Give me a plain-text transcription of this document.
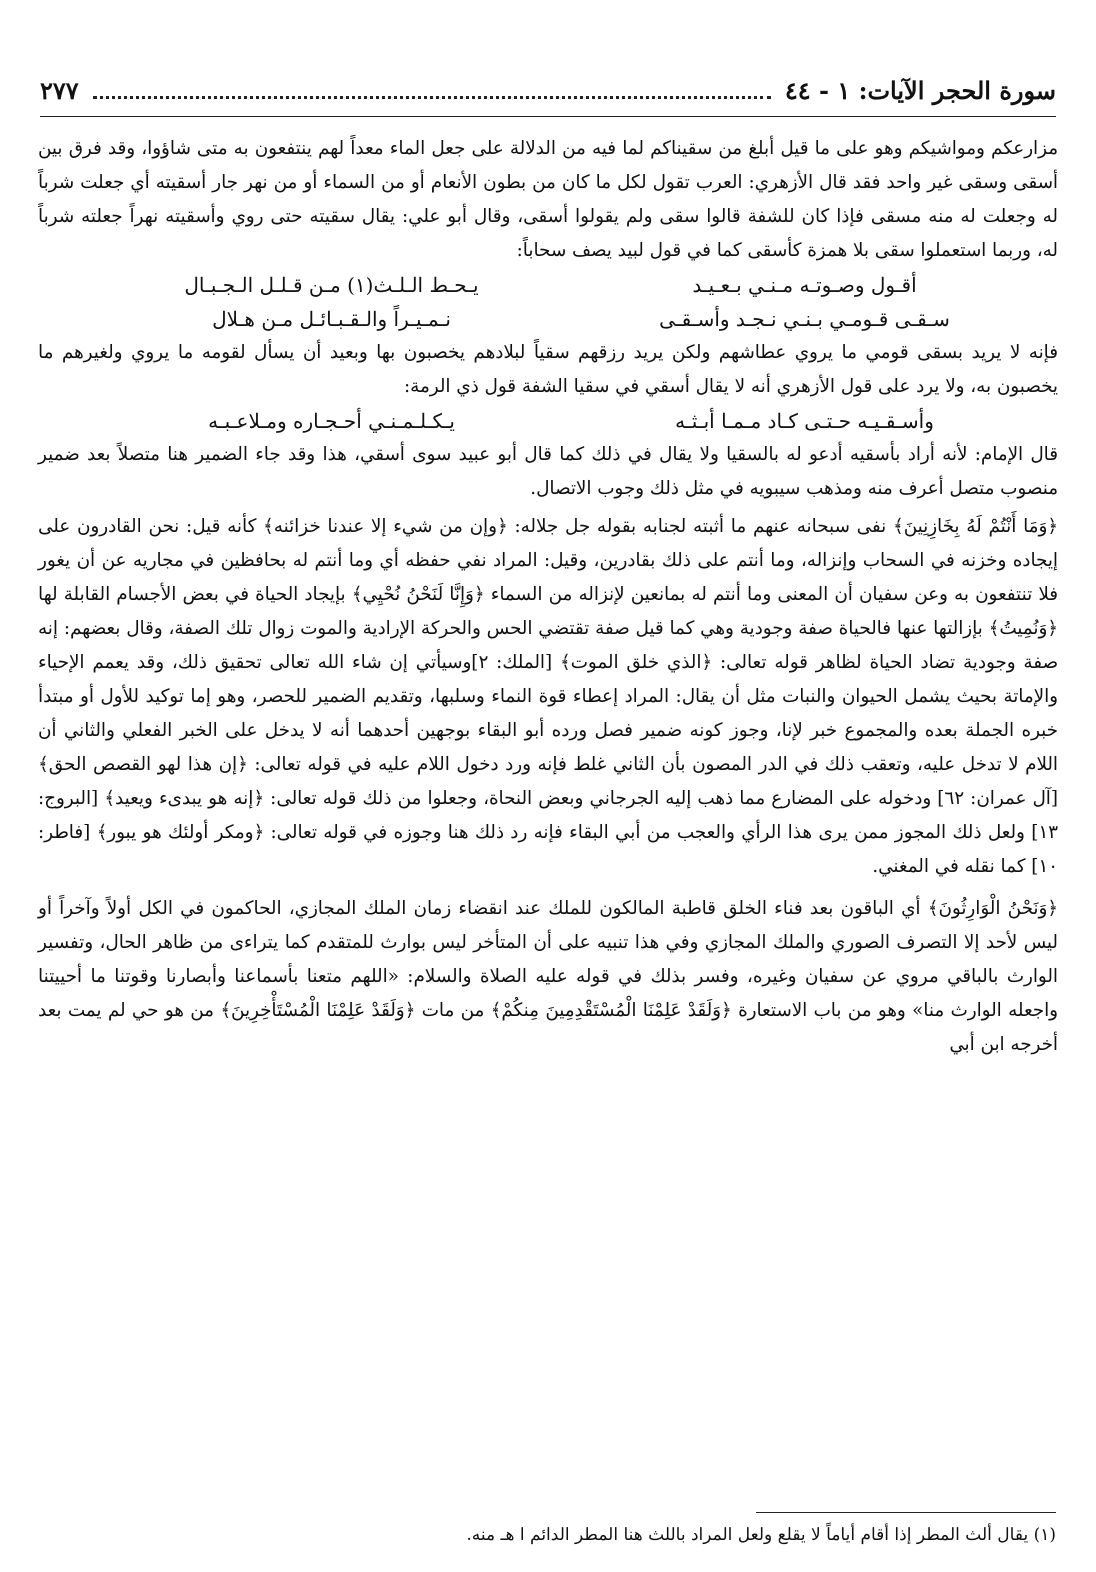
سورة الحجر الآيات: ١ - ٤٤
٢٧٧

مزارعكم ومواشيكم وهو على ما قيل أبلغ من سقيناكم لما فيه من الدلالة على جعل الماء معداً لهم ينتفعون به متى شاؤوا، وقد فرق بين أسقى وسقى غير واحد فقد قال الأزهري: العرب تقول لكل ما كان من بطون الأنعام أو من السماء أو من نهر جار أسقيته أي جعلت شرباً له وجعلت له منه مسقى فإذا كان للشفة قالوا سقى ولم يقولوا أسقى، وقال أبو علي: يقال سقيته حتى روي وأسقيته نهراً جعلته شرباً له، وربما استعملوا سقى بلا همزة كأسقى كما في قول لبيد يصف سحاباً:

أقـول وصـوتـه مـنـي بـعـيـد
يـحـط الـلـث(١) مـن قـلـل الـجـبـال
سـقـى قـومـي بـنـي نـجـد وأسـقـى
نـمـيـراً والـقـبـائـل مـن هـلال

فإنه لا يريد بسقى قومي ما يروي عطاشهم ولكن يريد رزقهم سقياً لبلادهم يخصبون بها وبعيد أن يسأل لقومه ما يروي ولغيرهم ما يخصبون به، ولا يرد على قول الأزهري أنه لا يقال أسقي في سقيا الشفة قول ذي الرمة:

وأسـقـيـه حـتـى كـاد مـمـا أبـثـه
يـكـلـمـنـي أحـجـاره ومـلاعـبـه

قال الإمام: لأنه أراد بأسقيه أدعو له بالسقيا ولا يقال في ذلك كما قال أبو عبيد سوى أسقي، هذا وقد جاء الضمير هنا متصلاً بعد ضمير منصوب متصل أعرف منه ومذهب سيبويه في مثل ذلك وجوب الاتصال.

﴿وَمَا أَنْتُمْ لَهُ بِخَازِنِينَ﴾ نفى سبحانه عنهم ما أثبته لجنابه بقوله جل جلاله: ﴿وإن من شيء إلا عندنا خزائنه﴾ كأنه قيل: نحن القادرون على إيجاده وخزنه في السحاب وإنزاله، وما أنتم على ذلك بقادرين، وقيل: المراد نفي حفظه أي وما أنتم له بحافظين في مجاريه عن أن يغور فلا تنتفعون به وعن سفيان أن المعنى وما أنتم له بمانعين لإنزاله من السماء ﴿وَإِنَّا لَنَحْنُ نُحْيِي﴾ بإيجاد الحياة في بعض الأجسام القابلة لها ﴿وَنُمِيتُ﴾ بإزالتها عنها فالحياة صفة وجودية وهي كما قيل صفة تقتضي الحس والحركة الإرادية والموت زوال تلك الصفة، وقال بعضهم: إنه صفة وجودية تضاد الحياة لظاهر قوله تعالى: ﴿الذي خلق الموت﴾ [الملك: ٢]وسيأتي إن شاء الله تعالى تحقيق ذلك، وقد يعمم الإحياء والإماتة بحيث يشمل الحيوان والنبات مثل أن يقال: المراد إعطاء قوة النماء وسلبها، وتقديم الضمير للحصر، وهو إما توكيد للأول أو مبتدأ خبره الجملة بعده والمجموع خبر لإنا، وجوز كونه ضمير فصل ورده أبو البقاء بوجهين أحدهما أنه لا يدخل على الخبر الفعلي والثاني أن اللام لا تدخل عليه، وتعقب ذلك في الدر المصون بأن الثاني غلط فإنه ورد دخول اللام عليه في قوله تعالى: ﴿إن هذا لهو القصص الحق﴾ [آل عمران: ٦٢] ودخوله على المضارع مما ذهب إليه الجرجاني وبعض النحاة، وجعلوا من ذلك قوله تعالى: ﴿إنه هو يبدىء ويعيد﴾ [البروج: ١٣] ولعل ذلك المجوز ممن يرى هذا الرأي والعجب من أبي البقاء فإنه رد ذلك هنا وجوزه في قوله تعالى: ﴿ومكر أولئك هو يبور﴾ [فاطر: ١٠] كما نقله في المغني.

﴿وَنَحْنُ الْوَارِثُونَ﴾ أي الباقون بعد فناء الخلق قاطبة المالكون للملك عند انقضاء زمان الملك المجازي، الحاكمون في الكل أولاً وآخراً أو ليس لأحد إلا التصرف الصوري والملك المجازي وفي هذا تنبيه على أن المتأخر ليس بوارث للمتقدم كما يتراءى من ظاهر الحال، وتفسير الوارث بالباقي مروي عن سفيان وغيره، وفسر بذلك في قوله عليه الصلاة والسلام: «اللهم متعنا بأسماعنا وأبصارنا وقوتنا ما أحييتنا واجعله الوارث منا» وهو من باب الاستعارة ﴿وَلَقَدْ عَلِمْنَا الْمُسْتَقْدِمِينَ مِنكُمْ﴾ من مات ﴿وَلَقَدْ عَلِمْنَا الْمُسْتَأْخِرِينَ﴾ من هو حي لم يمت بعد أخرجه ابن أبي

(١) يقال ألث المطر إذا أقام أياماً لا يقلع ولعل المراد باللث هنا المطر الدائم ا هـ منه.
